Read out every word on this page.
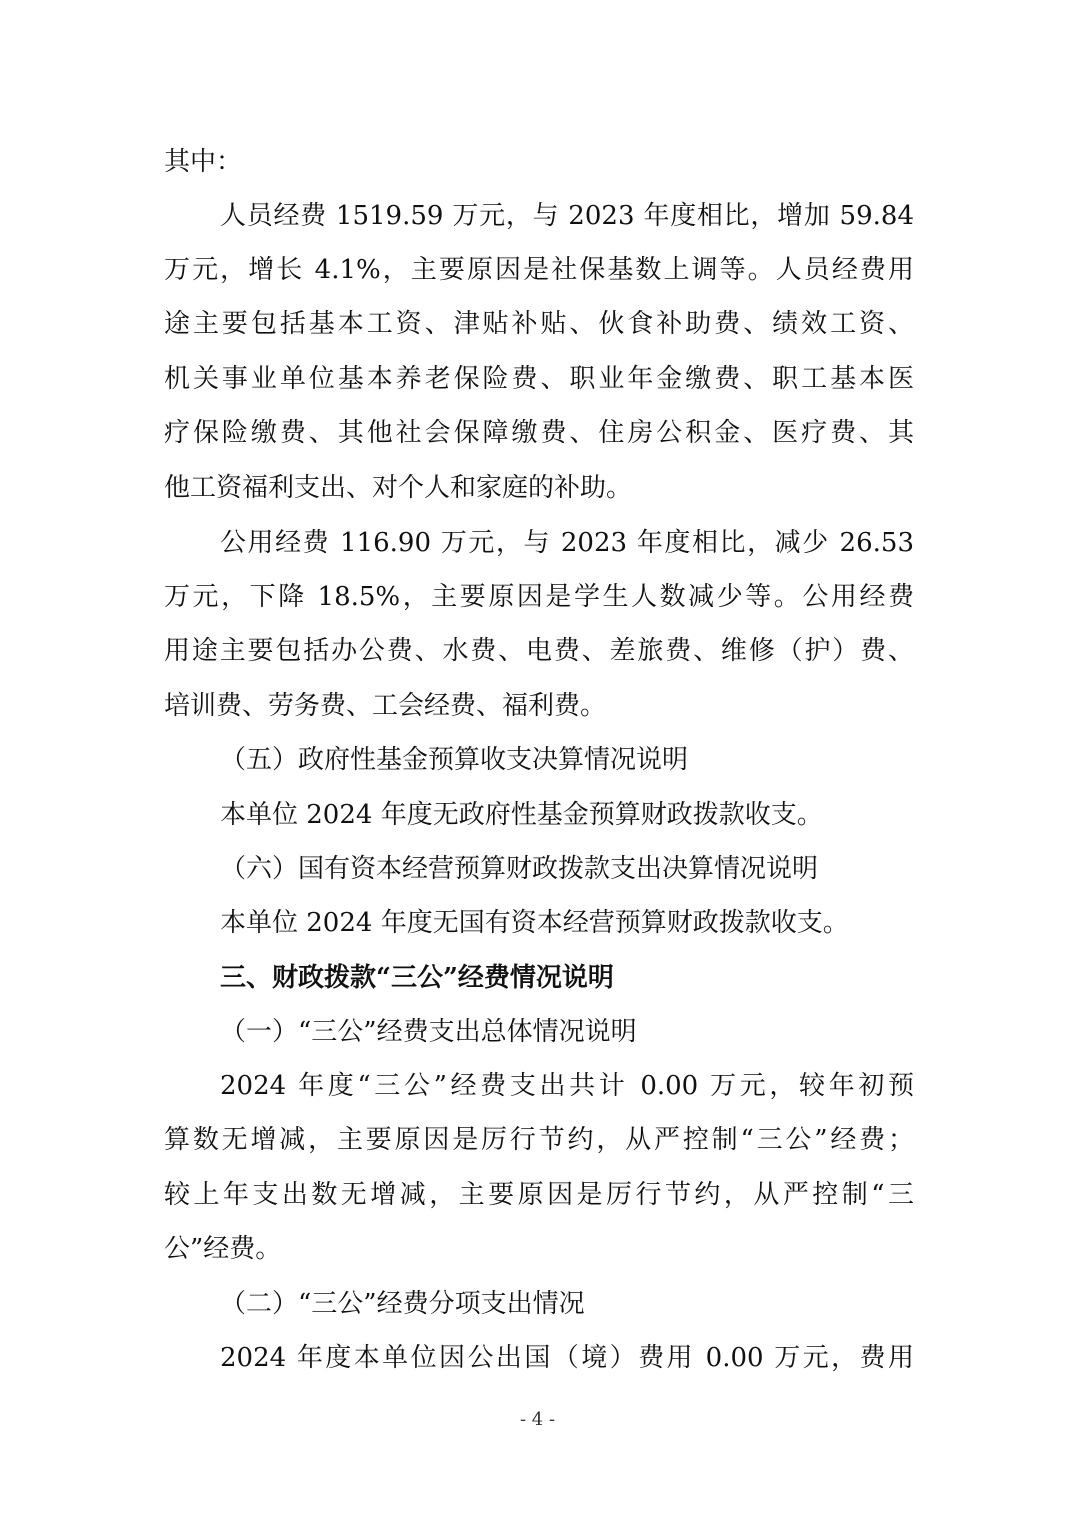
其中：

人员经费 1519.59 万元，与 2023 年度相比，增加 59.84

万元，增长 4.1%，主要原因是社保基数上调等。人员经费用

途主要包括基本工资、津贴补贴、伙食补助费、绩效工资、

机关事业单位基本养老保险费、职业年金缴费、职工基本医

疗保险缴费、其他社会保障缴费、住房公积金、医疗费、其

他工资福利支出、对个人和家庭的补助。

公用经费 116.90 万元，与 2023 年度相比，减少 26.53

万元，下降 18.5%，主要原因是学生人数减少等。公用经费

用途主要包括办公费、水费、电费、差旅费、维修（护）费、

培训费、劳务费、工会经费、福利费。

（五）政府性基金预算收支决算情况说明

本单位 2024 年度无政府性基金预算财政拨款收支。

（六）国有资本经营预算财政拨款支出决算情况说明

本单位 2024 年度无国有资本经营预算财政拨款收支。

三、财政拨款“三公”经费情况说明

（一）“三公”经费支出总体情况说明

2024 年度“三公”经费支出共计 0.00 万元，较年初预

算数无增减，主要原因是厉行节约，从严控制“三公”经费；

较上年支出数无增减，主要原因是厉行节约，从严控制“三

公”经费。

（二）“三公”经费分项支出情况

2024 年度本单位因公出国（境）费用 0.00 万元，费用

- 4 -
